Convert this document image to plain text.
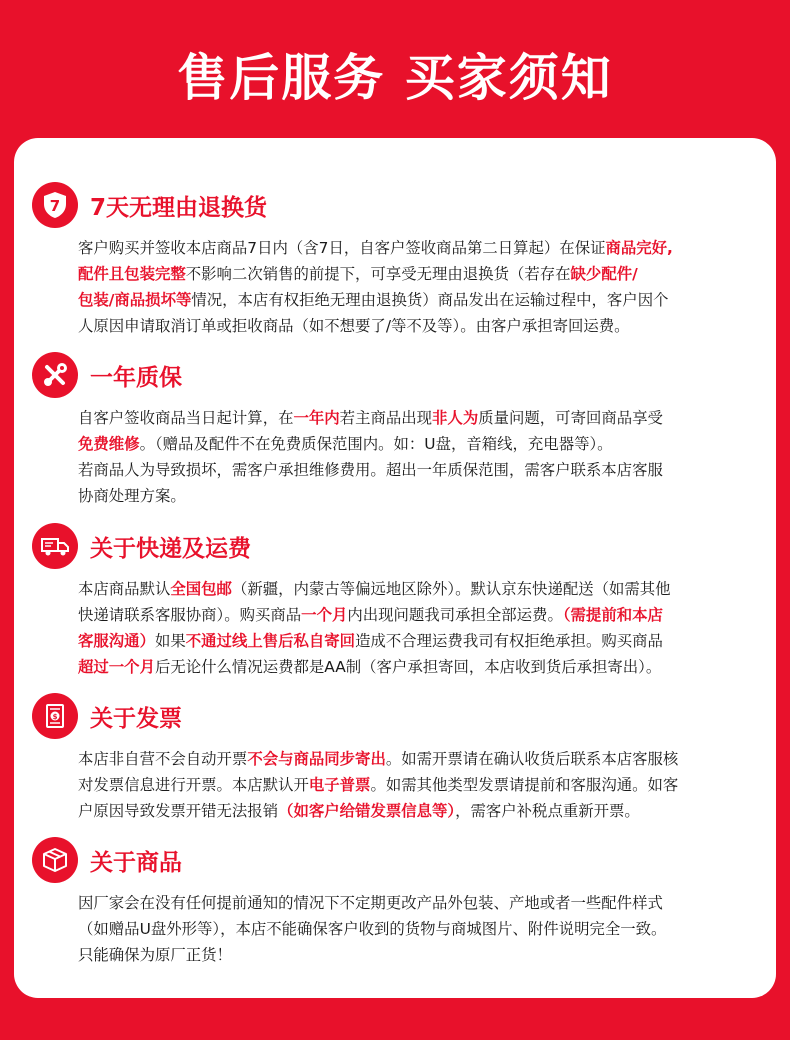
售后服务 买家须知
7 7天无理由退换货
客户购买并签收本店商品7日内（含7日，自客户签收商品第二日算起）在保证商品完好,
配件且包装完整不影响二次销售的前提下，可享受无理由退换货（若存在缺少配件/
包装/商品损坏等情况，本店有权拒绝无理由退换货）商品发出在运输过程中，客户因个
人原因申请取消订单或拒收商品（如不想要了/等不及等）。由客户承担寄回运费。
一年质保
自客户签收商品当日起计算，在一年内若主商品出现非人为质量问题，可寄回商品享受
免费维修。（赠品及配件不在免费质保范围内。如：U盘，音箱线，充电器等）。
若商品人为导致损坏，需客户承担维修费用。超出一年质保范围，需客户联系本店客服
协商处理方案。
关于快递及运费
本店商品默认全国包邮（新疆，内蒙古等偏远地区除外）。默认京东快递配送（如需其他
快递请联系客服协商）。购买商品一个月内出现问题我司承担全部运费。（需提前和本店
客服沟通）如果不通过线上售后私自寄回造成不合理运费我司有权拒绝承担。购买商品
超过一个月后无论什么情况运费都是AA制（客户承担寄回，本店收到货后承担寄出）。
$ 关于发票
本店非自营不会自动开票不会与商品同步寄出。如需开票请在确认收货后联系本店客服核
对发票信息进行开票。本店默认开电子普票。如需其他类型发票请提前和客服沟通。如客
户原因导致发票开错无法报销（如客户给错发票信息等），需客户补税点重新开票。
关于商品
因厂家会在没有任何提前通知的情况下不定期更改产品外包装、产地或者一些配件样式
（如赠品U盘外形等），本店不能确保客户收到的货物与商城图片、附件说明完全一致。
只能确保为原厂正货！
